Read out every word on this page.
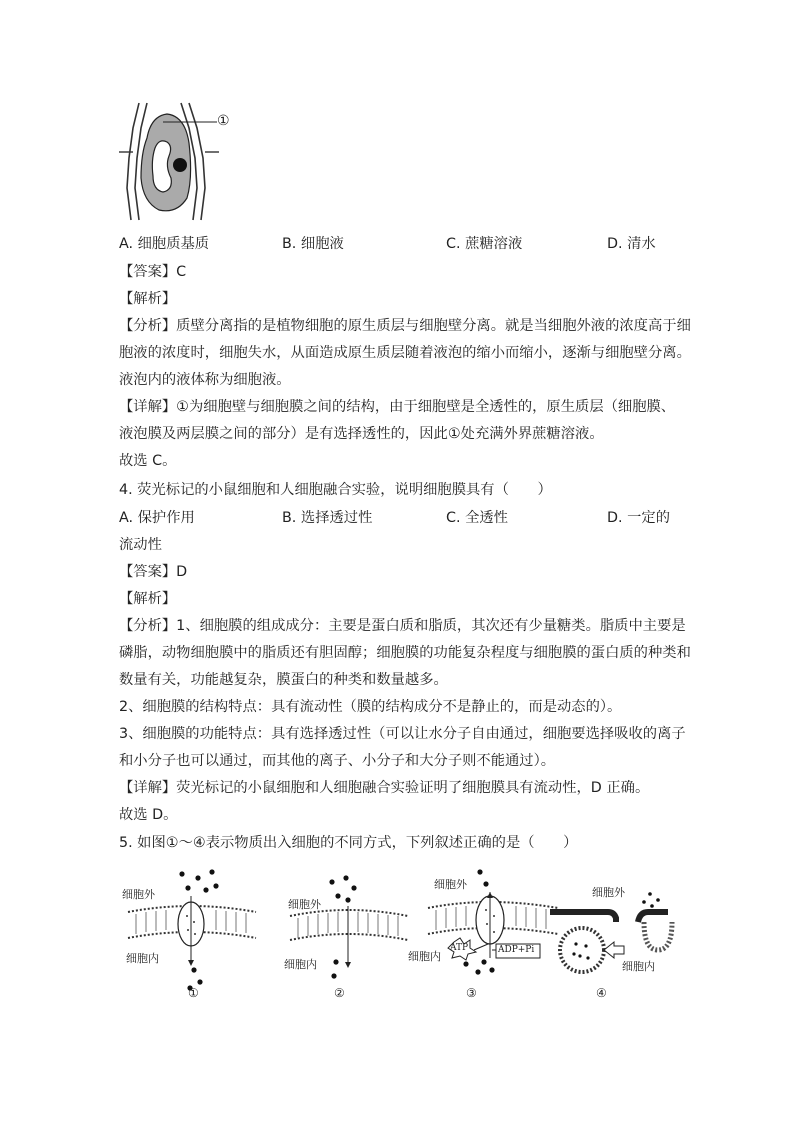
①
A. 细胞质基质	B. 细胞液	C. 蔗糖溶液	D. 清水
【答案】C
【解析】
【分析】质壁分离指的是植物细胞的原生质层与细胞壁分离。就是当细胞外液的浓度高于细
胞液的浓度时，细胞失水，从面造成原生质层随着液泡的缩小而缩小，逐渐与细胞壁分离。
液泡内的液体称为细胞液。
【详解】①为细胞壁与细胞膜之间的结构，由于细胞壁是全透性的，原生质层（细胞膜、
液泡膜及两层膜之间的部分）是有选择透性的，因此①处充满外界蔗糖溶液。
故选 C。
4. 荧光标记的小鼠细胞和人细胞融合实验，说明细胞膜具有（　　）
A. 保护作用	B. 选择透过性	C. 全透性	D. 一定的
流动性
【答案】D
【解析】
【分析】1、细胞膜的组成成分：主要是蛋白质和脂质，其次还有少量糖类。脂质中主要是
磷脂，动物细胞膜中的脂质还有胆固醇；细胞膜的功能复杂程度与细胞膜的蛋白质的种类和
数量有关，功能越复杂，膜蛋白的种类和数量越多。
2、细胞膜的结构特点：具有流动性（膜的结构成分不是静止的，而是动态的）。
3、细胞膜的功能特点：具有选择透过性（可以让水分子自由通过，细胞要选择吸收的离子
和小分子也可以通过，而其他的离子、小分子和大分子则不能通过）。
【详解】荧光标记的小鼠细胞和人细胞融合实验证明了细胞膜具有流动性，D 正确。
故选 D。
5. 如图①～④表示物质出入细胞的不同方式，下列叙述正确的是（　　）
细胞外
细胞内
①
细胞外
细胞内
②
细胞外
细胞内
ATP	ADP+Pi
③
细胞外
细胞内
④
